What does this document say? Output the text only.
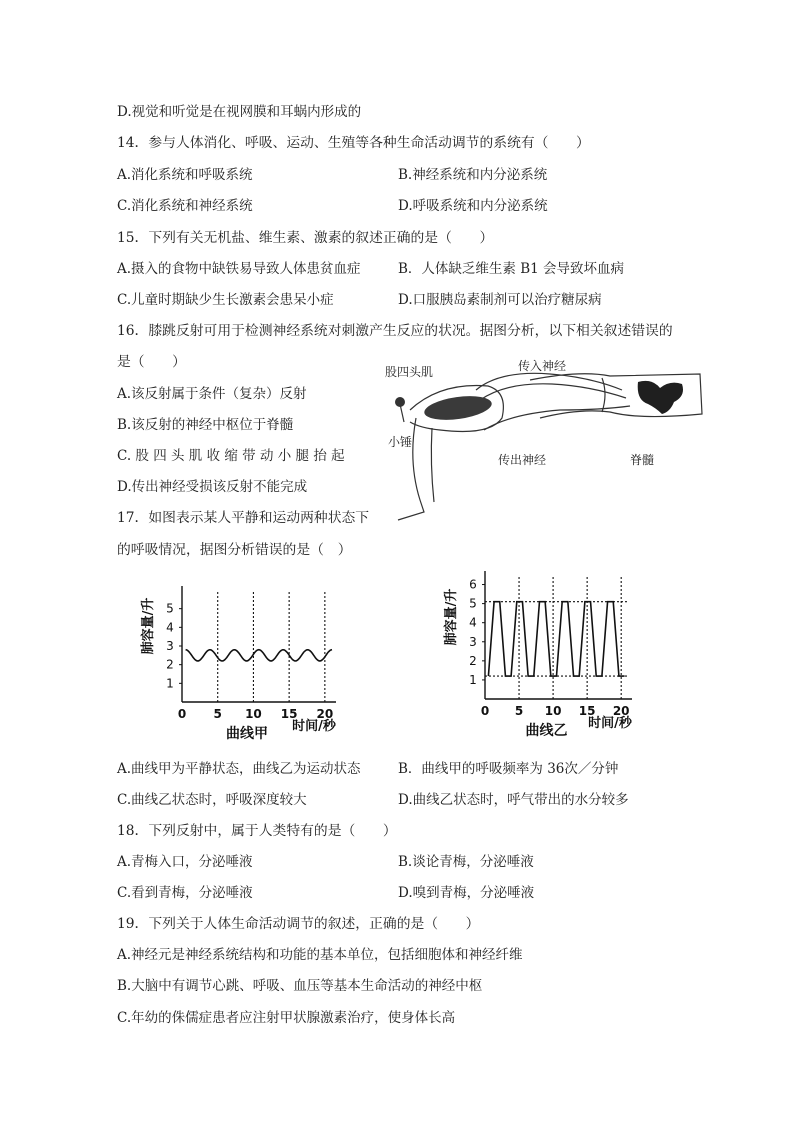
D.视觉和听觉是在视网膜和耳蜗内形成的
14．参与人体消化、呼吸、运动、生殖等各种生命活动调节的系统有（　　）
A.消化系统和呼吸系统	B.神经系统和内分泌系统
C.消化系统和神经系统	D.呼吸系统和内分泌系统
15．下列有关无机盐、维生素、激素的叙述正确的是（　　）
A.摄入的食物中缺铁易导致人体患贫血症	B．人体缺乏维生素 B1 会导致坏血病
C.儿童时期缺少生长激素会患呆小症	D.口服胰岛素制剂可以治疗糖尿病
16．膝跳反射可用于检测神经系统对刺激产生反应的状况。据图分析，以下相关叙述错误的
是（　　）
A.该反射属于条件（复杂）反射
B.该反射的神经中枢位于脊髓
C. 股 四 头 肌 收 缩 带 动 小 腿 抬 起
D.传出神经受损该反射不能完成
17．如图表示某人平静和运动两种状态下
的呼吸情况，据图分析错误的是（　）
股四头肌	传入神经
小锤
传出神经	脊髓
1
2
3
4
5
0 5 10 15 20
曲线甲 时间/秒
肺容量/升
1
2
3
4
5
6
0 5 10 15 20
曲线乙 时间/秒
肺容量/升
A.曲线甲为平静状态，曲线乙为运动状态	B．曲线甲的呼吸频率为 36次／分钟
C.曲线乙状态时，呼吸深度较大	D.曲线乙状态时，呼气带出的水分较多
18．下列反射中，属于人类特有的是（　　）
A.青梅入口，分泌唾液	B.谈论青梅，分泌唾液
C.看到青梅，分泌唾液	D.嗅到青梅，分泌唾液
19．下列关于人体生命活动调节的叙述，正确的是（　　）
A.神经元是神经系统结构和功能的基本单位，包括细胞体和神经纤维
B.大脑中有调节心跳、呼吸、血压等基本生命活动的神经中枢
C.年幼的侏儒症患者应注射甲状腺激素治疗，使身体长高
